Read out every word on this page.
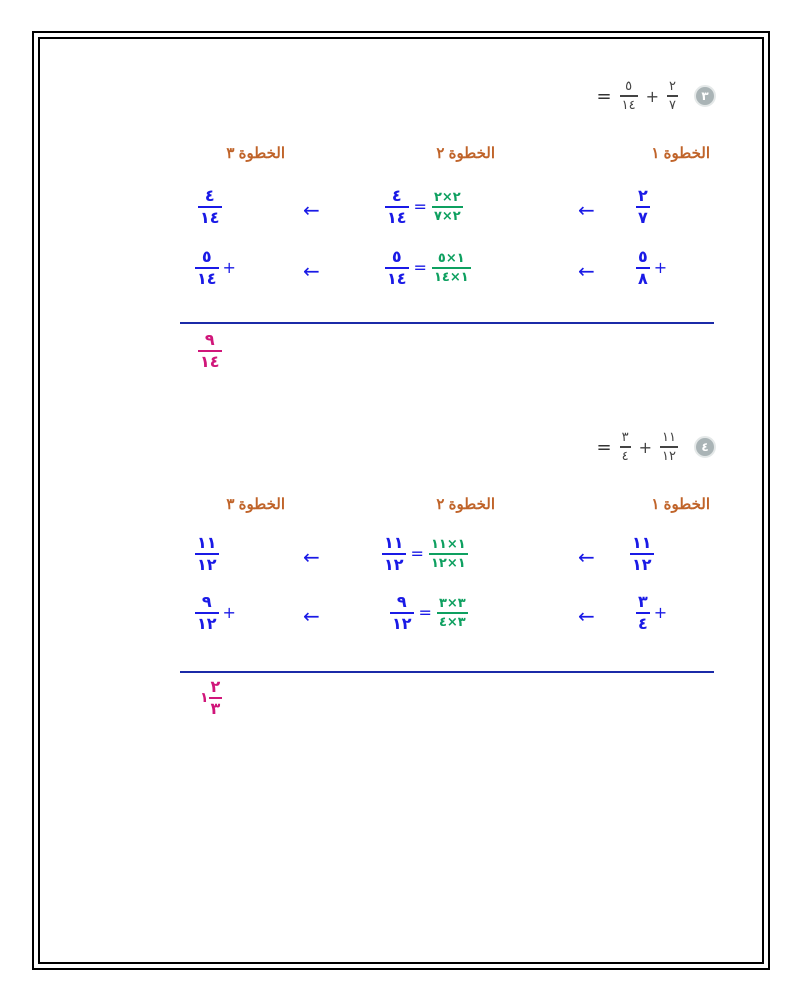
= $\frac{٥}{١٤} + \frac{٢}{٧}$	٣
الخطوة ١
الخطوة ٢
الخطوة ٣
$\frac{٢}{٧}$
←
$\frac{٤}{١٤} = \frac{٢\times ٢}{٢\times ٧}$
←
$\frac{٤}{١٤}$
$\frac{٥}{٨}$ +
←
$\frac{٥}{١٤} = \frac{١\times ٥}{١\times ١٤}$
←
$\frac{٥}{١٤}$ +
$\frac{٩}{١٤}$
= $\frac{٣}{٤} + \frac{١١}{١٢}$	٤
الخطوة ١
الخطوة ٢
الخطوة ٣
$\frac{١١}{١٢}$
←
$\frac{١١}{١٢} = \frac{١\times ١١}{١\times ١٢}$
←
$\frac{١١}{١٢}$
$\frac{٣}{٤}$ +
←
$\frac{٩}{١٢} = \frac{٣\times ٣}{٣\times ٤}$
←
$\frac{٩}{١٢}$ +
١ $\frac{٢}{٣}$
